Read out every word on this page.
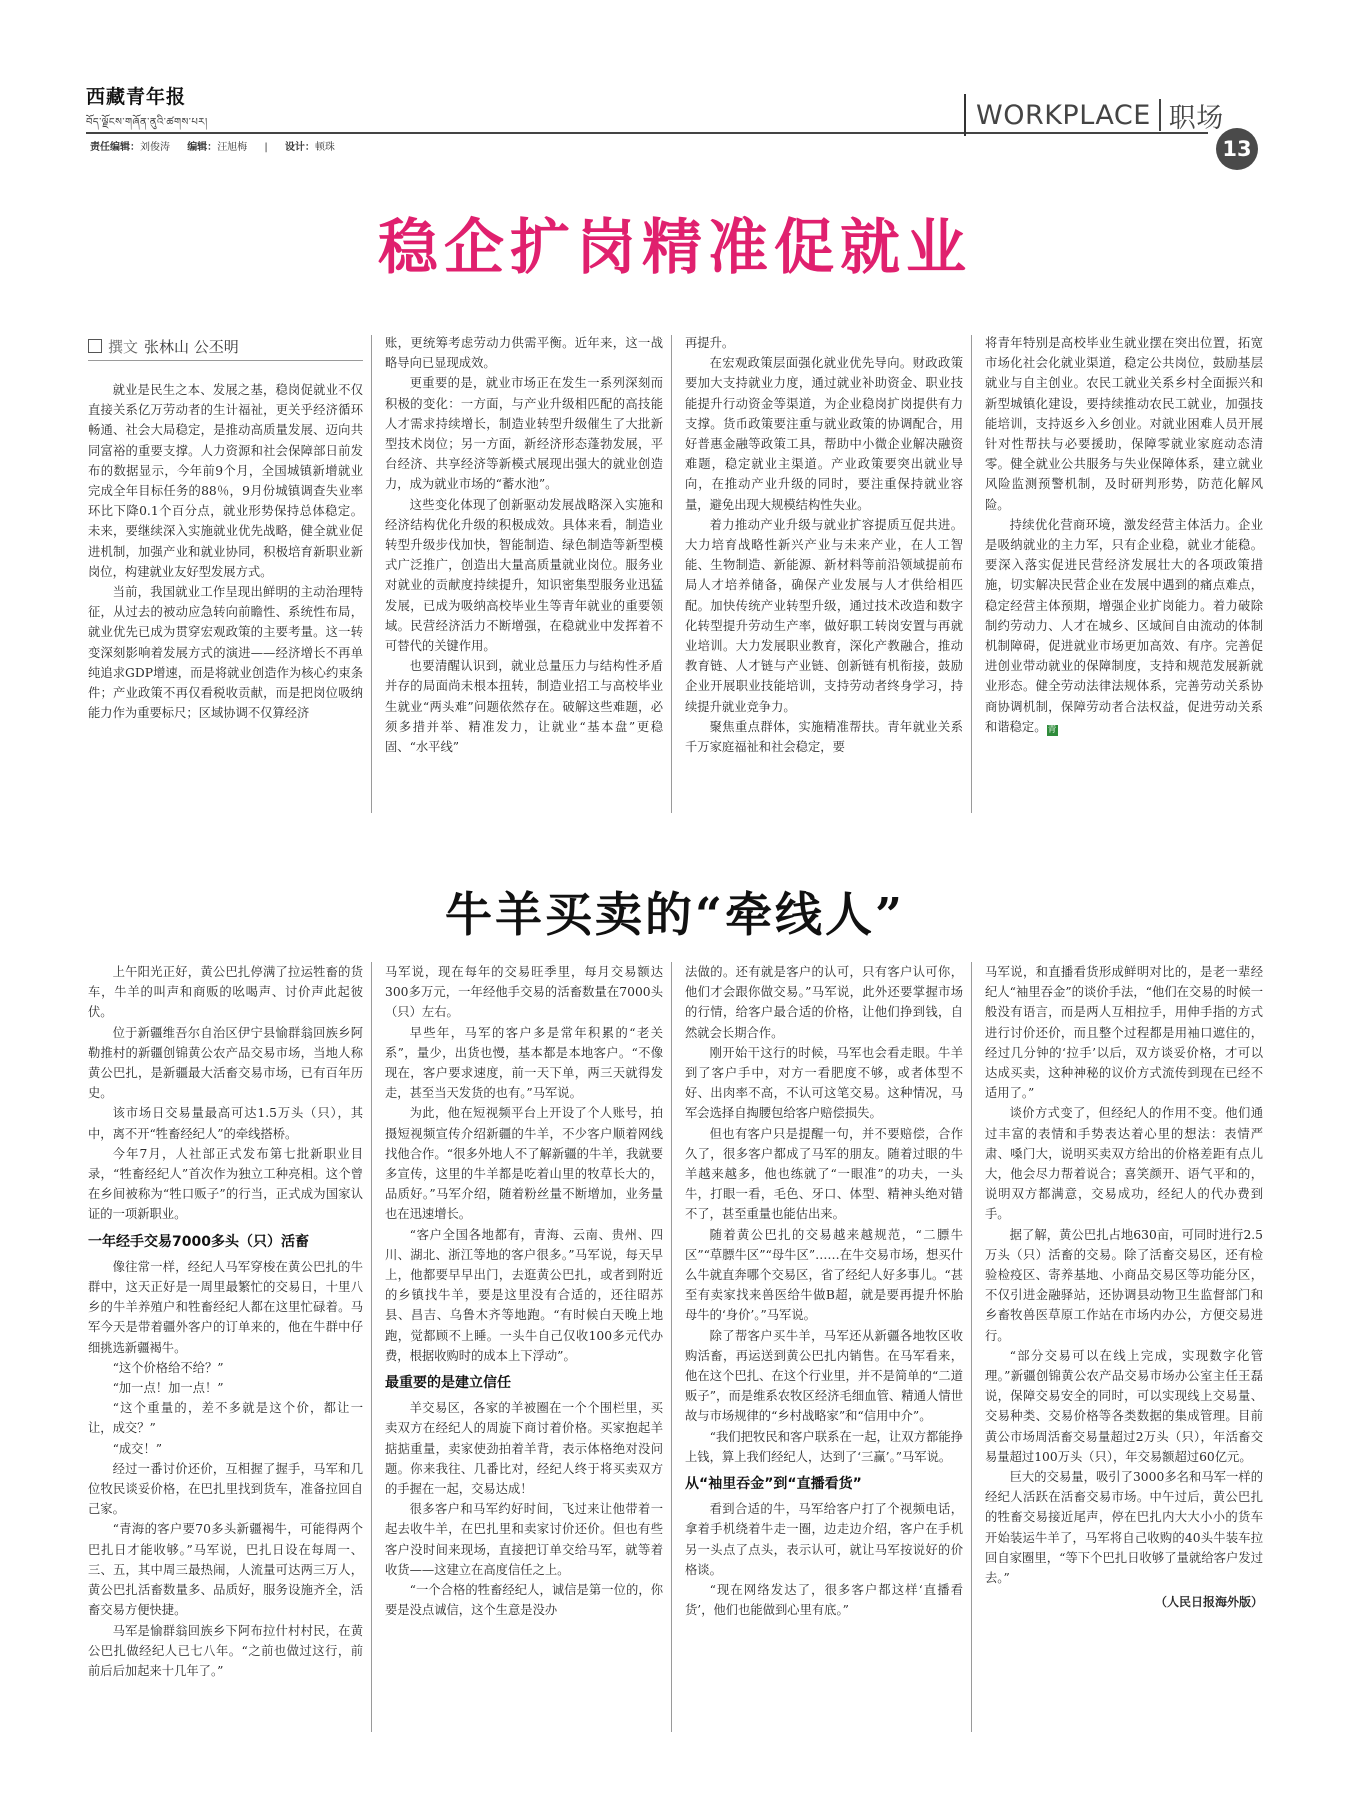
西藏青年报
བོད་ལྗོངས་གཞོན་ནུའི་ཚགས་པར།
责任编辑：刘俊涛 编辑：汪旭梅 | 设计：顿珠
WORKPLACE 职场
13
稳企扩岗精准促就业
撰文 张林山 公丕明

就业是民生之本、发展之基，稳岗促就业不仅直接关系亿万劳动者的生计福祉，更关乎经济循环畅通、社会大局稳定，是推动高质量发展、迈向共同富裕的重要支撑。人力资源和社会保障部日前发布的数据显示，今年前9个月，全国城镇新增就业完成全年目标任务的88％，9月份城镇调查失业率环比下降0.1个百分点，就业形势保持总体稳定。未来，要继续深入实施就业优先战略，健全就业促进机制，加强产业和就业协同，积极培育新职业新岗位，构建就业友好型发展方式。

当前，我国就业工作呈现出鲜明的主动治理特征，从过去的被动应急转向前瞻性、系统性布局，就业优先已成为贯穿宏观政策的主要考量。这一转变深刻影响着发展方式的演进——经济增长不再单纯追求GDP增速，而是将就业创造作为核心约束条件；产业政策不再仅看税收贡献，而是把岗位吸纳能力作为重要标尺；区域协调不仅算经济

账，更统筹考虑劳动力供需平衡。近年来，这一战略导向已显现成效。

更重要的是，就业市场正在发生一系列深刻而积极的变化：一方面，与产业升级相匹配的高技能人才需求持续增长，制造业转型升级催生了大批新型技术岗位；另一方面，新经济形态蓬勃发展，平台经济、共享经济等新模式展现出强大的就业创造力，成为就业市场的“蓄水池”。

这些变化体现了创新驱动发展战略深入实施和经济结构优化升级的积极成效。具体来看，制造业转型升级步伐加快，智能制造、绿色制造等新型模式广泛推广，创造出大量高质量就业岗位。服务业对就业的贡献度持续提升，知识密集型服务业迅猛发展，已成为吸纳高校毕业生等青年就业的重要领域。民营经济活力不断增强，在稳就业中发挥着不可替代的关键作用。

也要清醒认识到，就业总量压力与结构性矛盾并存的局面尚未根本扭转，制造业招工与高校毕业生就业“两头难”问题依然存在。破解这些难题，必须多措并举、精准发力，让就业“基本盘”更稳固、“水平线”

再提升。

在宏观政策层面强化就业优先导向。财政政策要加大支持就业力度，通过就业补助资金、职业技能提升行动资金等渠道，为企业稳岗扩岗提供有力支撑。货币政策要注重与就业政策的协调配合，用好普惠金融等政策工具，帮助中小微企业解决融资难题，稳定就业主渠道。产业政策要突出就业导向，在推动产业升级的同时，要注重保持就业容量，避免出现大规模结构性失业。

着力推动产业升级与就业扩容提质互促共进。大力培育战略性新兴产业与未来产业，在人工智能、生物制造、新能源、新材料等前沿领域提前布局人才培养储备，确保产业发展与人才供给相匹配。加快传统产业转型升级，通过技术改造和数字化转型提升劳动生产率，做好职工转岗安置与再就业培训。大力发展职业教育，深化产教融合，推动教育链、人才链与产业链、创新链有机衔接，鼓励企业开展职业技能培训，支持劳动者终身学习，持续提升就业竞争力。

聚焦重点群体，实施精准帮扶。青年就业关系千万家庭福祉和社会稳定，要

将青年特别是高校毕业生就业摆在突出位置，拓宽市场化社会化就业渠道，稳定公共岗位，鼓励基层就业与自主创业。农民工就业关系乡村全面振兴和新型城镇化建设，要持续推动农民工就业，加强技能培训，支持返乡入乡创业。对就业困难人员开展针对性帮扶与必要援助，保障零就业家庭动态清零。健全就业公共服务与失业保障体系，建立就业风险监测预警机制，及时研判形势，防范化解风险。

持续优化营商环境，激发经营主体活力。企业是吸纳就业的主力军，只有企业稳，就业才能稳。要深入落实促进民营经济发展壮大的各项政策措施，切实解决民营企业在发展中遇到的痛点难点，稳定经营主体预期，增强企业扩岗能力。着力破除制约劳动力、人才在城乡、区域间自由流动的体制机制障碍，促进就业市场更加高效、有序。完善促进创业带动就业的保障制度，支持和规范发展新就业形态。健全劳动法律法规体系，完善劳动关系协商协调机制，保障劳动者合法权益，促进劳动关系和谐稳定。青

牛羊买卖的“牵线人”

上午阳光正好，黄公巴扎停满了拉运牲畜的货车，牛羊的叫声和商贩的吆喝声、讨价声此起彼伏。

位于新疆维吾尔自治区伊宁县愉群翁回族乡阿勒推村的新疆创锦黄公农产品交易市场，当地人称黄公巴扎，是新疆最大活畜交易市场，已有百年历史。

该市场日交易量最高可达1.5万头（只），其中，离不开“牲畜经纪人”的牵线搭桥。

今年7月，人社部正式发布第七批新职业目录，“牲畜经纪人”首次作为独立工种亮相。这个曾在乡间被称为“牲口贩子”的行当，正式成为国家认证的一项新职业。

一年经手交易7000多头（只）活畜

像往常一样，经纪人马军穿梭在黄公巴扎的牛群中，这天正好是一周里最繁忙的交易日，十里八乡的牛羊养殖户和牲畜经纪人都在这里忙碌着。马军今天是带着疆外客户的订单来的，他在牛群中仔细挑选新疆褐牛。

“这个价格给不给？”

“加一点！加一点！”

“这个重量的，差不多就是这个价，都让一让，成交？”

“成交！”

经过一番讨价还价，互相握了握手，马军和几位牧民谈妥价格，在巴扎里找到货车，准备拉回自己家。

“青海的客户要70多头新疆褐牛，可能得两个巴扎日才能收够。”马军说，巴扎日设在每周一、三、五，其中周三最热闹，人流量可达两三万人，黄公巴扎活畜数量多、品质好，服务设施齐全，活畜交易方便快捷。

马军是愉群翁回族乡下阿布拉什村村民，在黄公巴扎做经纪人已七八年。“之前也做过这行，前前后后加起来十几年了。”

马军说，现在每年的交易旺季里，每月交易额达300多万元，一年经他手交易的活畜数量在7000头（只）左右。

早些年，马军的客户多是常年积累的“老关系”，量少，出货也慢，基本都是本地客户。“不像现在，客户要求速度，前一天下单，两三天就得发走，甚至当天发货的也有。”马军说。

为此，他在短视频平台上开设了个人账号，拍摄短视频宣传介绍新疆的牛羊，不少客户顺着网线找他合作。“很多外地人不了解新疆的牛羊，我就要多宣传，这里的牛羊都是吃着山里的牧草长大的，品质好。”马军介绍，随着粉丝量不断增加，业务量也在迅速增长。

“客户全国各地都有，青海、云南、贵州、四川、湖北、浙江等地的客户很多。”马军说，每天早上，他都要早早出门，去逛黄公巴扎，或者到附近的乡镇找牛羊，要是这里没有合适的，还往昭苏县、昌吉、乌鲁木齐等地跑。“有时候白天晚上地跑，觉都顾不上睡。一头牛自己仅收100多元代办费，根据收购时的成本上下浮动”。

最重要的是建立信任

羊交易区，各家的羊被圈在一个个围栏里，买卖双方在经纪人的周旋下商讨着价格。买家抱起羊掂掂重量，卖家使劲拍着羊背，表示体格绝对没问题。你来我往、几番比对，经纪人终于将买卖双方的手握在一起，交易达成！

很多客户和马军约好时间，飞过来让他带着一起去收牛羊，在巴扎里和卖家讨价还价。但也有些客户没时间来现场，直接把订单交给马军，就等着收货——这建立在高度信任之上。

“一个合格的牲畜经纪人，诚信是第一位的，你要是没点诚信，这个生意是没办

法做的。还有就是客户的认可，只有客户认可你，他们才会跟你做交易。”马军说，此外还要掌握市场的行情，给客户最合适的价格，让他们挣到钱，自然就会长期合作。

刚开始干这行的时候，马军也会看走眼。牛羊到了客户手中，对方一看肥度不够，或者体型不好、出肉率不高，不认可这笔交易。这种情况，马军会选择自掏腰包给客户赔偿损失。

但也有客户只是提醒一句，并不要赔偿，合作久了，很多客户都成了马军的朋友。随着过眼的牛羊越来越多，他也练就了“一眼准”的功夫，一头牛，打眼一看，毛色、牙口、体型、精神头绝对错不了，甚至重量也能估出来。

随着黄公巴扎的交易越来越规范，“二膘牛区”“草膘牛区”“母牛区”……在牛交易市场，想买什么牛就直奔哪个交易区，省了经纪人好多事儿。“甚至有卖家找来兽医给牛做B超，就是要再提升怀胎母牛的‘身价’。”马军说。

除了帮客户买牛羊，马军还从新疆各地牧区收购活畜，再运送到黄公巴扎内销售。在马军看来，他在这个巴扎、在这个行业里，并不是简单的“二道贩子”，而是维系农牧区经济毛细血管、精通人情世故与市场规律的“乡村战略家”和“信用中介”。

“我们把牧民和客户联系在一起，让双方都能挣上钱，算上我们经纪人，达到了‘三赢’。”马军说。

从“袖里吞金”到“直播看货”

看到合适的牛，马军给客户打了个视频电话，拿着手机绕着牛走一圈，边走边介绍，客户在手机另一头点了点头，表示认可，就让马军按说好的价格谈。

“现在网络发达了，很多客户都这样‘直播看货’，他们也能做到心里有底。”

马军说，和直播看货形成鲜明对比的，是老一辈经纪人“袖里吞金”的谈价手法，“他们在交易的时候一般没有语言，而是两人互相拉手，用伸手指的方式进行讨价还价，而且整个过程都是用袖口遮住的，经过几分钟的‘拉手’以后，双方谈妥价格，才可以达成买卖，这种神秘的议价方式流传到现在已经不适用了。”

谈价方式变了，但经纪人的作用不变。他们通过丰富的表情和手势表达着心里的想法：表情严肃、嗓门大，说明买卖双方给出的价格差距有点儿大，他会尽力帮着说合；喜笑颜开、语气平和的，说明双方都满意，交易成功，经纪人的代办费到手。

据了解，黄公巴扎占地630亩，可同时进行2.5万头（只）活畜的交易。除了活畜交易区，还有检验检疫区、寄养基地、小商品交易区等功能分区，不仅引进金融驿站，还协调县动物卫生监督部门和乡畜牧兽医草原工作站在市场内办公，方便交易进行。

“部分交易可以在线上完成，实现数字化管理。”新疆创锦黄公农产品交易市场办公室主任王磊说，保障交易安全的同时，可以实现线上交易量、交易种类、交易价格等各类数据的集成管理。目前黄公市场周活畜交易量超过2万头（只），年活畜交易量超过100万头（只），年交易额超过60亿元。

巨大的交易量，吸引了3000多名和马军一样的经纪人活跃在活畜交易市场。中午过后，黄公巴扎的牲畜交易接近尾声，停在巴扎内大大小小的货车开始装运牛羊了，马军将自己收购的40头牛装车拉回自家圈里，“等下个巴扎日收够了量就给客户发过去。”

（人民日报海外版）
